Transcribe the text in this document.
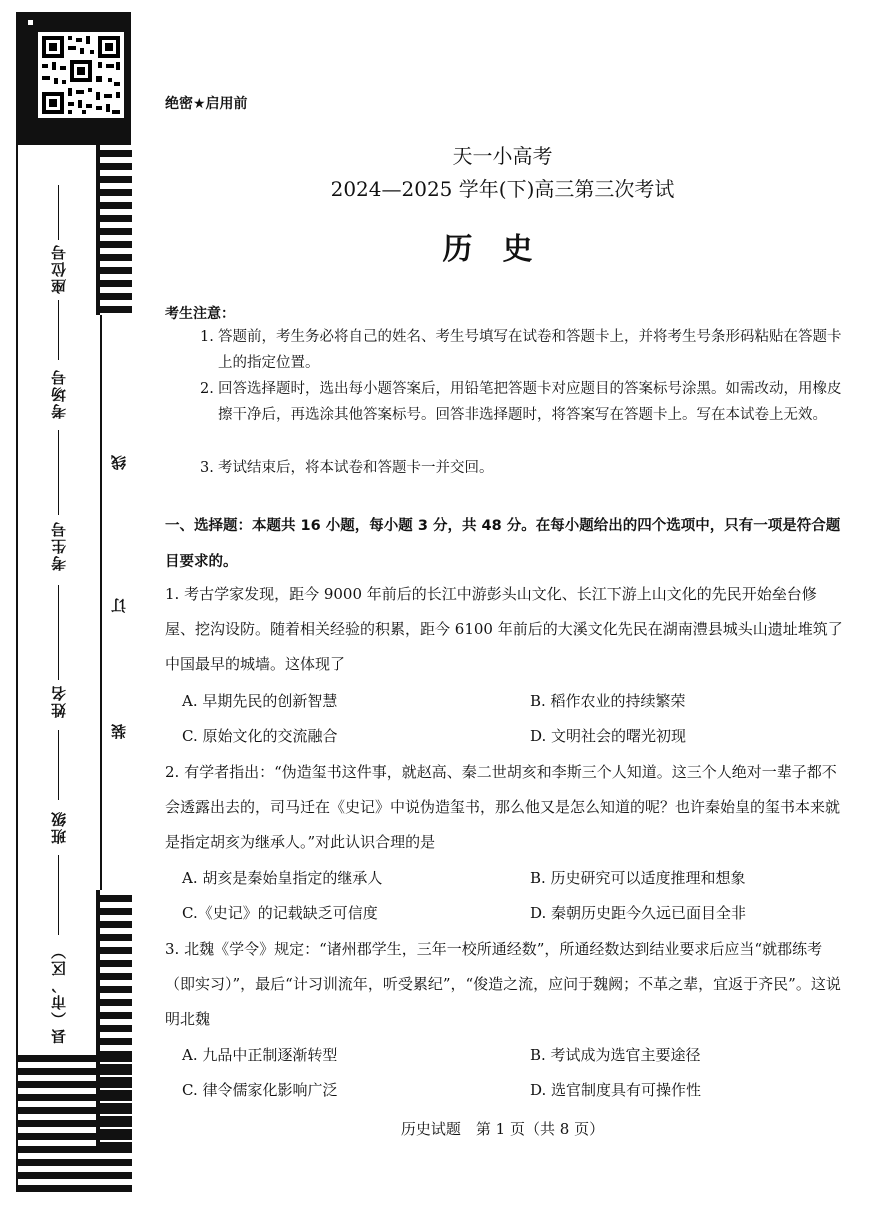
座位号
考场号
考生号
姓名
班级
县（市、区）
线
订
装
绝密★启用前
天一小高考
2024—2025 学年(下)高三第三次考试
历史
考生注意：
1. 答题前，考生务必将自己的姓名、考生号填写在试卷和答题卡上，并将考生号条形码粘贴在答题卡上的指定位置。
2. 回答选择题时，选出每小题答案后，用铅笔把答题卡对应题目的答案标号涂黑。如需改动，用橡皮擦干净后，再选涂其他答案标号。回答非选择题时，将答案写在答题卡上。写在本试卷上无效。
3. 考试结束后，将本试卷和答题卡一并交回。
一、选择题：本题共 16 小题，每小题 3 分，共 48 分。在每小题给出的四个选项中，只有一项是符合题目要求的。
1. 考古学家发现，距今 9000 年前后的长江中游彭头山文化、长江下游上山文化的先民开始垒台修屋、挖沟设防。随着相关经验的积累，距今 6100 年前后的大溪文化先民在湖南澧县城头山遗址堆筑了中国最早的城墙。这体现了
A. 早期先民的创新智慧	B. 稻作农业的持续繁荣
C. 原始文化的交流融合	D. 文明社会的曙光初现
2. 有学者指出：“伪造玺书这件事，就赵高、秦二世胡亥和李斯三个人知道。这三个人绝对一辈子都不会透露出去的，司马迁在《史记》中说伪造玺书，那么他又是怎么知道的呢？也许秦始皇的玺书本来就是指定胡亥为继承人。”对此认识合理的是
A. 胡亥是秦始皇指定的继承人	B. 历史研究可以适度推理和想象
C.《史记》的记载缺乏可信度	D. 秦朝历史距今久远已面目全非
3. 北魏《学令》规定：“诸州郡学生，三年一校所通经数”，所通经数达到结业要求后应当“就郡练考（即实习）”，最后“计习训流年，听受累纪”，“俊造之流，应问于魏阙；不革之辈，宜返于齐民”。这说明北魏
A. 九品中正制逐渐转型	B. 考试成为选官主要途径
C. 律令儒家化影响广泛	D. 选官制度具有可操作性
历史试题　第 1 页（共 8 页）
